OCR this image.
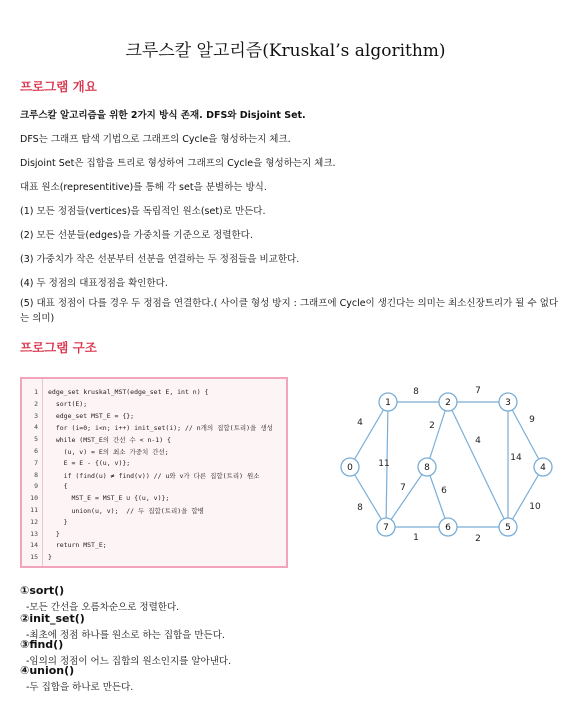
크루스칼 알고리즘(Kruskal’s algorithm)
프로그램 개요
크루스칼 알고리즘을 위한 2가지 방식 존재. DFS와 Disjoint Set.
DFS는 그래프 탐색 기법으로 그래프의 Cycle을 형성하는지 체크.
Disjoint Set은 집합을 트리로 형성하여 그래프의 Cycle을 형성하는지 체크.
대표 원소(representitive)를 통해 각 set을 분별하는 방식.
(1) 모든 정점들(vertices)을 독립적인 원소(set)로 만든다.
(2) 모든 선분들(edges)을 가중치를 기준으로 정렬한다.
(3) 가중치가 작은 선분부터 선분을 연결하는 두 정점들을 비교한다.
(4) 두 정점의 대표정점을 확인한다.
(5) 대표 정점이 다를 경우 두 정점을 연결한다.( 사이클 형성 방지 : 그래프에 Cycle이 생긴다는 의미는 최소신장트리가 될 수 없다는 의미)
프로그램 구조
1 edge_set kruskal_MST(edge_set E, int n) {
2 sort(E);
3 edge_set MST_E = {};
4 for (i=0; i<n; i++) init_set(i); // n개의 집합(트리)을 생성
5 while (MST_E의 간선 수 < n-1) {
6 (u, v) = E의 최소 가중치 간선;
7 E = E - {(u, v)};
8 if (find(u) ≠ find(v)) // u와 v가 다른 집합(트리) 원소
9 {
10 MST_E = MST_E ∪ {(u, v)};
11 union(u, v);  // 두 집합(트리)을 합병
12 }
13 }
14 return MST_E;
15 }
4
8	7
9
2
4
14
11
7	6
10
8
1	2
0
1	2	3
4
5
6
7
8
①sort()
-모든 간선을 오름차순으로 정렬한다.
②init_set()
-최초에 정점 하나를 원소로 하는 집합을 만든다.
③find()
-임의의 정점이 어느 집합의 원소인지를 알아낸다.
④union()
-두 집합을 하나로 만든다.
